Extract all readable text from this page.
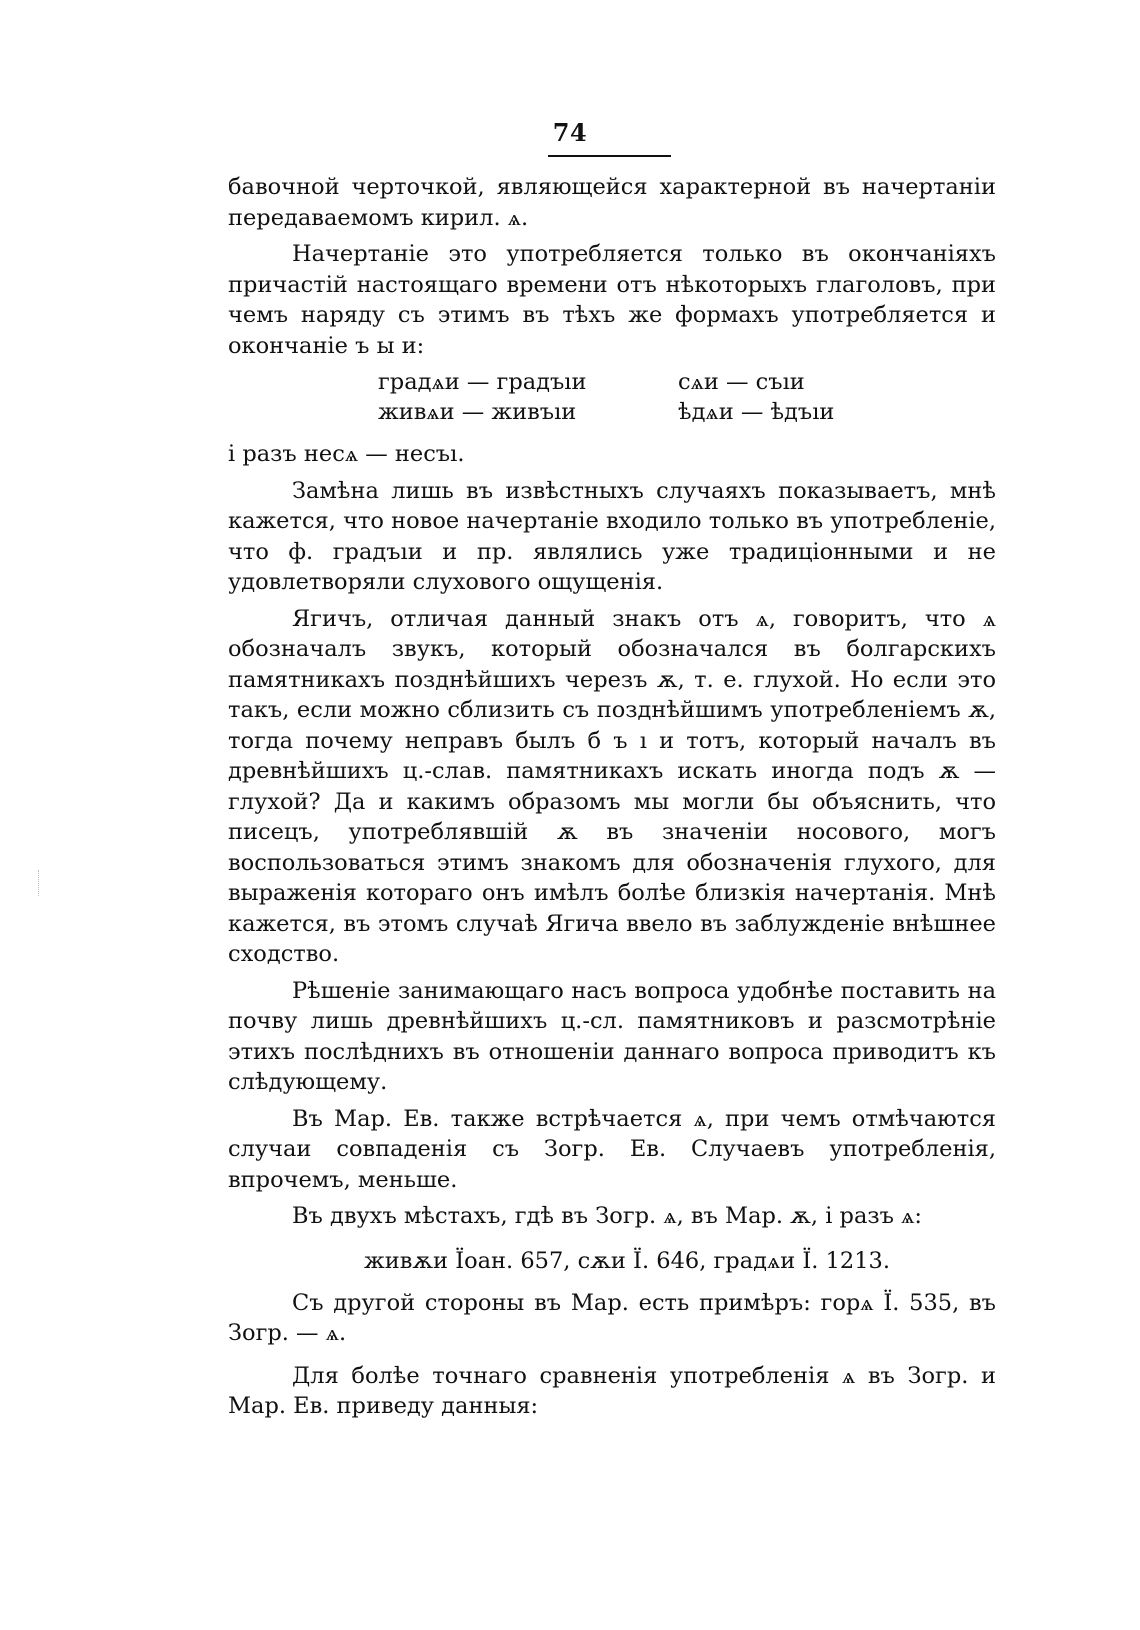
74

бавочной черточкой, являющейся характерной въ начертанiи передаваемомъ кирил. ѧ.

Начертанiе это употребляется только въ окончанiяхъ причастiй настоящаго времени отъ нѣкоторыхъ глаголовъ, при чемъ наряду съ этимъ въ тѣхъ же формахъ употребляется и окончанiе ъ ы и:

градѧи — градъıи	сѧи — съıи
живѧи — живъıи	ѣдѧи — ѣдъıи

i разъ несѧ — несъı.

Замѣна лишь въ извѣстныхъ случаяхъ показываетъ, мнѣ кажется, что новое начертанiе входило только въ употребленiе, что ф. градъıи и пр. являлись уже традицiонными и не удовлетворяли слухового ощущенiя.

Ягичъ, отличая данный знакъ отъ ѧ, говоритъ, что ѧ обозначалъ звукъ, который обозначался въ болгарскихъ памятникахъ позднѣйшихъ черезъ ѫ, т. е. глухой. Но если это такъ, если можно сблизить съ позднѣйшимъ употребленiемъ ѫ, тогда почему неправъ былъ б ъ ı и тотъ, который началъ въ древнѣйшихъ ц.-слав. памятникахъ искать иногда подъ ѫ — глухой? Да и какимъ образомъ мы могли бы объяснить, что писецъ, употреблявшiй ѫ въ значенiи носового, могъ воспользоваться этимъ знакомъ для обозначенiя глухого, для выраженiя котораго онъ имѣлъ болѣе близкiя начертанiя. Мнѣ кажется, въ этомъ случаѣ Ягича ввело въ заблужденiе внѣшнее сходство.

Рѣшенiе занимающаго насъ вопроса удобнѣе поставить на почву лишь древнѣйшихъ ц.-сл. памятниковъ и разсмотрѣнiе этихъ послѣднихъ въ отношенiи даннаго вопроса приводитъ къ слѣдующему.

Въ Мар. Ев. также встрѣчается ѧ, при чемъ отмѣчаются случаи совпаденiя съ Зогр. Ев. Случаевъ употребленiя, впрочемъ, меньше.

Въ двухъ мѣстахъ, гдѣ въ Зогр. ѧ, въ Мар. ѫ, i разъ ѧ:

живѫи Їоан. 657, сѫи Ї. 646, градѧи Ї. 1213.

Съ другой стороны въ Мар. есть примѣръ: горѧ Ї. 535, въ Зогр. — ѧ.

Для болѣе точнаго сравненiя употребленiя ѧ въ Зогр. и Мар. Ев. приведу данныя:
